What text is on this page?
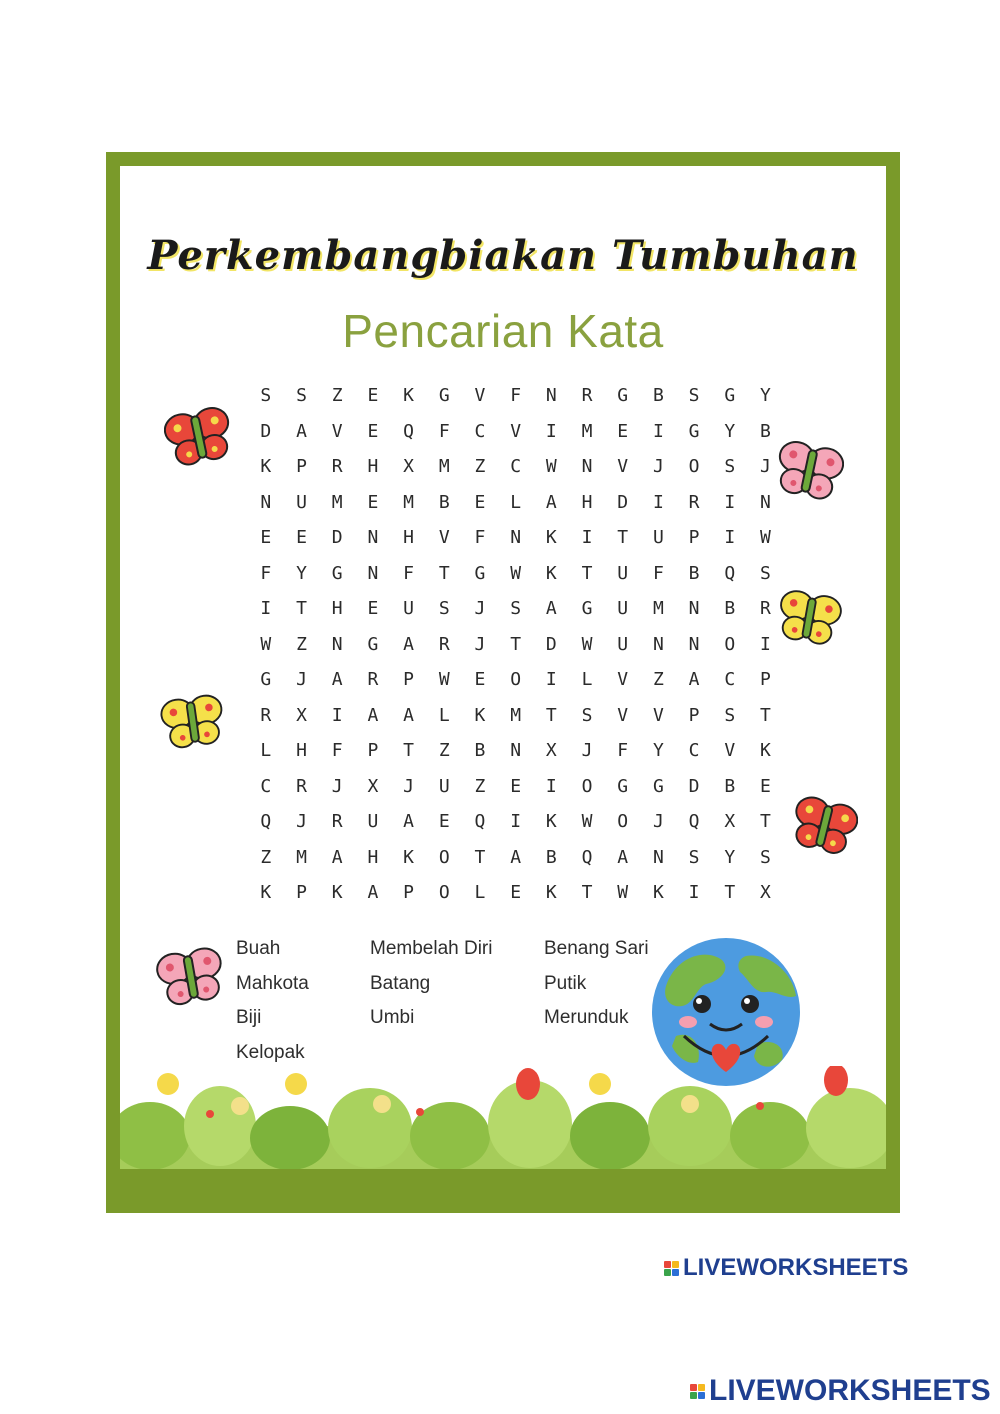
Perkembangbiakan Tumbuhan
Pencarian Kata
S S Z E K G V F N R G B S G Y
D A V E Q F C V I M E I G Y B
K P R H X M Z C W N V J O S J
N U M E M B E L A H D I R I N
E E D N H V F N K I T U P I W
F Y G N F T G W K T U F B Q S
I T H E U S J S A G U M N B R
W Z N G A R J T D W U N N O I
G J A R P W E O I L V Z A C P
R X I A A L K M T S V V P S T
L H F P T Z B N X J F Y C V K
C R J X J U Z E I O G G D B E
Q J R U A E Q I K W O J Q X T
Z M A H K O T A B Q A N S Y S
K P K A P O L E K T W K I T X
Buah
Mahkota
Biji
Kelopak
Membelah Diri
Batang
Umbi
Benang Sari
Putik
Merunduk
LIVEWORKSHEETS
LIVEWORKSHEETS
